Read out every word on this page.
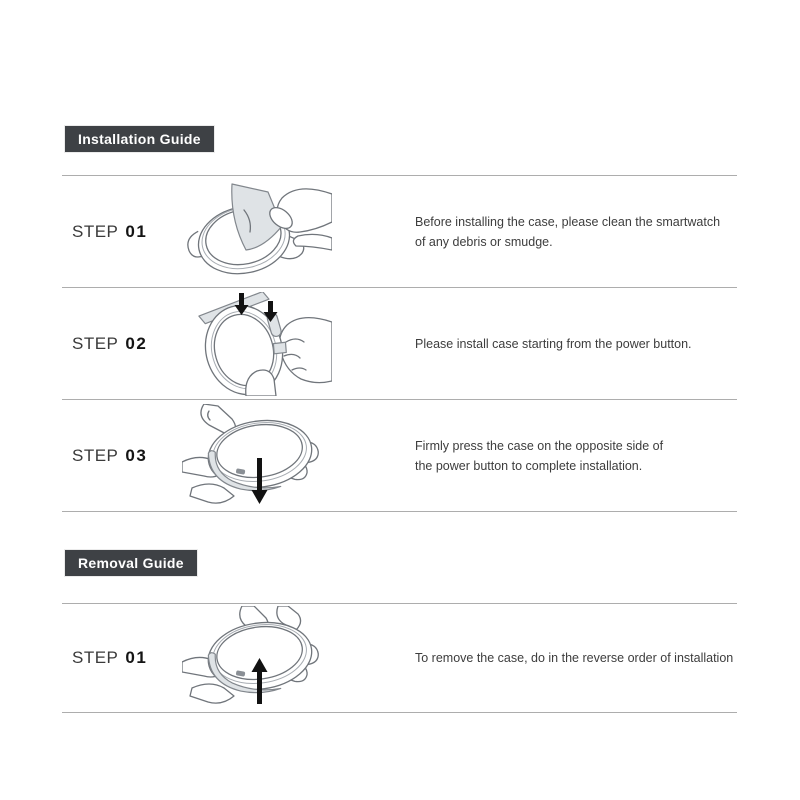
Installation Guide
STEP 01	Before installing the case, please clean the smartwatch
of any debris or smudge.
STEP 02	Please install case starting from the power button.
STEP 03	Firmly press the case on the opposite side of
the power button to complete installation.
Removal Guide
STEP 01	To remove the case, do in the reverse order of installation
